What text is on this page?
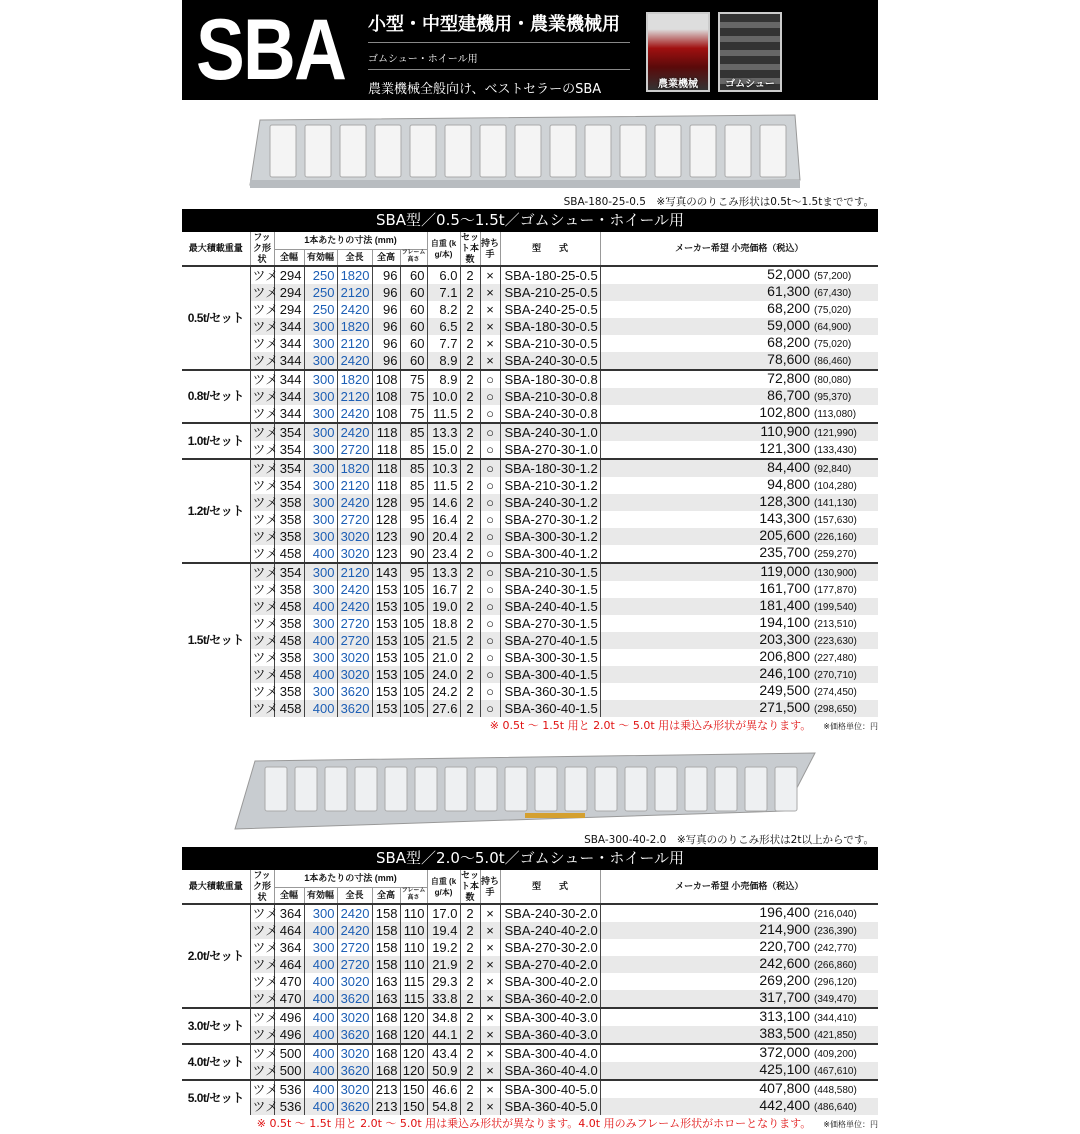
SBA 小型・中型建機用・農業機械用
ゴムシュー・ホイール用
農業機械全般向け、ベストセラーのSBA	農業機械	ゴムシュー
SBA-180-25-0.5　※写真ののりこみ形状は0.5t〜1.5tまでです。
SBA型／0.5〜1.5t／ゴムシュー・ホイール用
最大積載重量	フック形状	1本あたりの寸法 (mm)					自重 (kg/本)	セット本数	持ち手	型　　式	メーカー希望 小売価格（税込）
		全幅	有効幅	全長	全高	フレーム高さ					
0.5t/セット	ツメ	294	250	1820	96	60	6.0	2	×	SBA-180-25-0.5	52,000 (57,200)
	ツメ	294	250	2120	96	60	7.1	2	×	SBA-210-25-0.5	61,300 (67,430)
	ツメ	294	250	2420	96	60	8.2	2	×	SBA-240-25-0.5	68,200 (75,020)
	ツメ	344	300	1820	96	60	6.5	2	×	SBA-180-30-0.5	59,000 (64,900)
	ツメ	344	300	2120	96	60	7.7	2	×	SBA-210-30-0.5	68,200 (75,020)
	ツメ	344	300	2420	96	60	8.9	2	×	SBA-240-30-0.5	78,600 (86,460)
0.8t/セット	ツメ	344	300	1820	108	75	8.9	2	○	SBA-180-30-0.8	72,800 (80,080)
	ツメ	344	300	2120	108	75	10.0	2	○	SBA-210-30-0.8	86,700 (95,370)
	ツメ	344	300	2420	108	75	11.5	2	○	SBA-240-30-0.8	102,800 (113,080)
1.0t/セット	ツメ	354	300	2420	118	85	13.3	2	○	SBA-240-30-1.0	110,900 (121,990)
	ツメ	354	300	2720	118	85	15.0	2	○	SBA-270-30-1.0	121,300 (133,430)
1.2t/セット	ツメ	354	300	1820	118	85	10.3	2	○	SBA-180-30-1.2	84,400 (92,840)
	ツメ	354	300	2120	118	85	11.5	2	○	SBA-210-30-1.2	94,800 (104,280)
	ツメ	358	300	2420	128	95	14.6	2	○	SBA-240-30-1.2	128,300 (141,130)
	ツメ	358	300	2720	128	95	16.4	2	○	SBA-270-30-1.2	143,300 (157,630)
	ツメ	358	300	3020	123	90	20.4	2	○	SBA-300-30-1.2	205,600 (226,160)
	ツメ	458	400	3020	123	90	23.4	2	○	SBA-300-40-1.2	235,700 (259,270)
1.5t/セット	ツメ	354	300	2120	143	95	13.3	2	○	SBA-210-30-1.5	119,000 (130,900)
	ツメ	358	300	2420	153	105	16.7	2	○	SBA-240-30-1.5	161,700 (177,870)
	ツメ	458	400	2420	153	105	19.0	2	○	SBA-240-40-1.5	181,400 (199,540)
	ツメ	358	300	2720	153	105	18.8	2	○	SBA-270-30-1.5	194,100 (213,510)
	ツメ	458	400	2720	153	105	21.5	2	○	SBA-270-40-1.5	203,300 (223,630)
	ツメ	358	300	3020	153	105	21.0	2	○	SBA-300-30-1.5	206,800 (227,480)
	ツメ	458	400	3020	153	105	24.0	2	○	SBA-300-40-1.5	246,100 (270,710)
	ツメ	358	300	3620	153	105	24.2	2	○	SBA-360-30-1.5	249,500 (274,450)
	ツメ	458	400	3620	153	105	27.6	2	○	SBA-360-40-1.5	271,500 (298,650)
※ 0.5t 〜 1.5t 用と 2.0t 〜 5.0t 用は乗込み形状が異なります。 ※価格単位：円
SBA-300-40-2.0　※写真ののりこみ形状は2t以上からです。
SBA型／2.0〜5.0t／ゴムシュー・ホイール用
最大積載重量	フック形状	1本あたりの寸法 (mm)					自重 (kg/本)	セット本数	持ち手	型　　式	メーカー希望 小売価格（税込）
		全幅	有効幅	全長	全高	フレーム高さ					
2.0t/セット	ツメ	364	300	2420	158	110	17.0	2	×	SBA-240-30-2.0	196,400 (216,040)
	ツメ	464	400	2420	158	110	19.4	2	×	SBA-240-40-2.0	214,900 (236,390)
	ツメ	364	300	2720	158	110	19.2	2	×	SBA-270-30-2.0	220,700 (242,770)
	ツメ	464	400	2720	158	110	21.9	2	×	SBA-270-40-2.0	242,600 (266,860)
	ツメ	470	400	3020	163	115	29.3	2	×	SBA-300-40-2.0	269,200 (296,120)
	ツメ	470	400	3620	163	115	33.8	2	×	SBA-360-40-2.0	317,700 (349,470)
3.0t/セット	ツメ	496	400	3020	168	120	34.8	2	×	SBA-300-40-3.0	313,100 (344,410)
	ツメ	496	400	3620	168	120	44.1	2	×	SBA-360-40-3.0	383,500 (421,850)
4.0t/セット	ツメ	500	400	3020	168	120	43.4	2	×	SBA-300-40-4.0	372,000 (409,200)
	ツメ	500	400	3620	168	120	50.9	2	×	SBA-360-40-4.0	425,100 (467,610)
5.0t/セット	ツメ	536	400	3020	213	150	46.6	2	×	SBA-300-40-5.0	407,800 (448,580)
	ツメ	536	400	3620	213	150	54.8	2	×	SBA-360-40-5.0	442,400 (486,640)
※ 0.5t 〜 1.5t 用と 2.0t 〜 5.0t 用は乗込み形状が異なります。4.0t 用のみフレーム形状がホローとなります。 ※価格単位：円
